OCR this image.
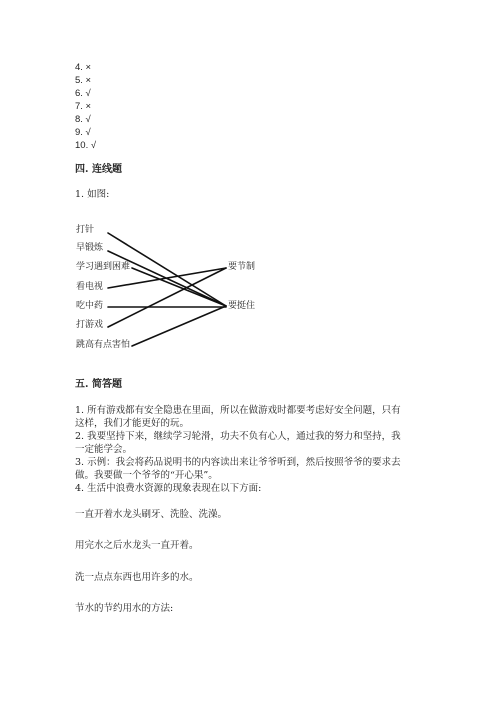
4. ×
5. ×
6. √
7. ×
8. √
9. √
10. √
四. 连线题
1. 如图:
打针
早锻炼
学习遇到困难
看电视
吃中药
打游戏
跳高有点害怕
要节制
要挺住
五. 简答题
1. 所有游戏都有安全隐患在里面，所以在做游戏时都要考虑好安全问题，只有
这样，我们才能更好的玩。
2. 我要坚持下来，继续学习轮滑，功夫不负有心人，通过我的努力和坚持，我
一定能学会。
3. 示例：我会将药品说明书的内容读出来让爷爷听到，然后按照爷爷的要求去
做。我要做一个爷爷的“开心果”。
4. 生活中浪费水资源的现象表现在以下方面:
一直开着水龙头刷牙、洗脸、洗澡。
用完水之后水龙头一直开着。
洗一点点东西也用许多的水。
节水的节约用水的方法:
